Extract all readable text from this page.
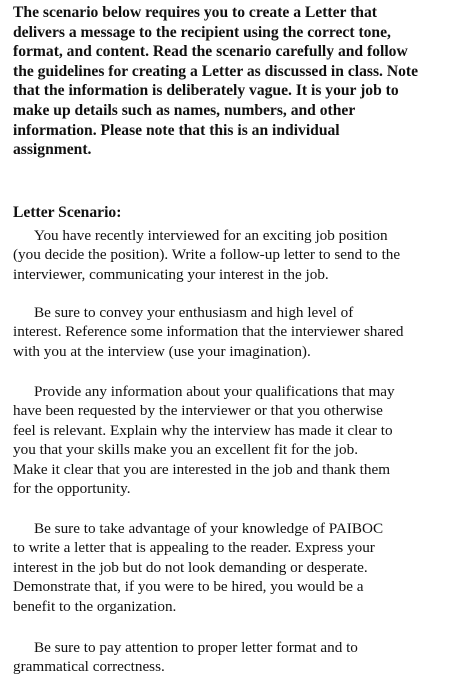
The scenario below requires you to create a Letter that
delivers a message to the recipient using the correct tone,
format, and content. Read the scenario carefully and follow
the guidelines for creating a Letter as discussed in class. Note
that the information is deliberately vague. It is your job to
make up details such as names, numbers, and other
information. Please note that this is an individual
assignment.

Letter Scenario:

You have recently interviewed for an exciting job position
(you decide the position). Write a follow-up letter to send to the
interviewer, communicating your interest in the job.

Be sure to convey your enthusiasm and high level of
interest. Reference some information that the interviewer shared
with you at the interview (use your imagination).

Provide any information about your qualifications that may
have been requested by the interviewer or that you otherwise
feel is relevant. Explain why the interview has made it clear to
you that your skills make you an excellent fit for the job.
Make it clear that you are interested in the job and thank them
for the opportunity.

Be sure to take advantage of your knowledge of PAIBOC
to write a letter that is appealing to the reader. Express your
interest in the job but do not look demanding or desperate.
Demonstrate that, if you were to be hired, you would be a
benefit to the organization.

Be sure to pay attention to proper letter format and to
grammatical correctness.
